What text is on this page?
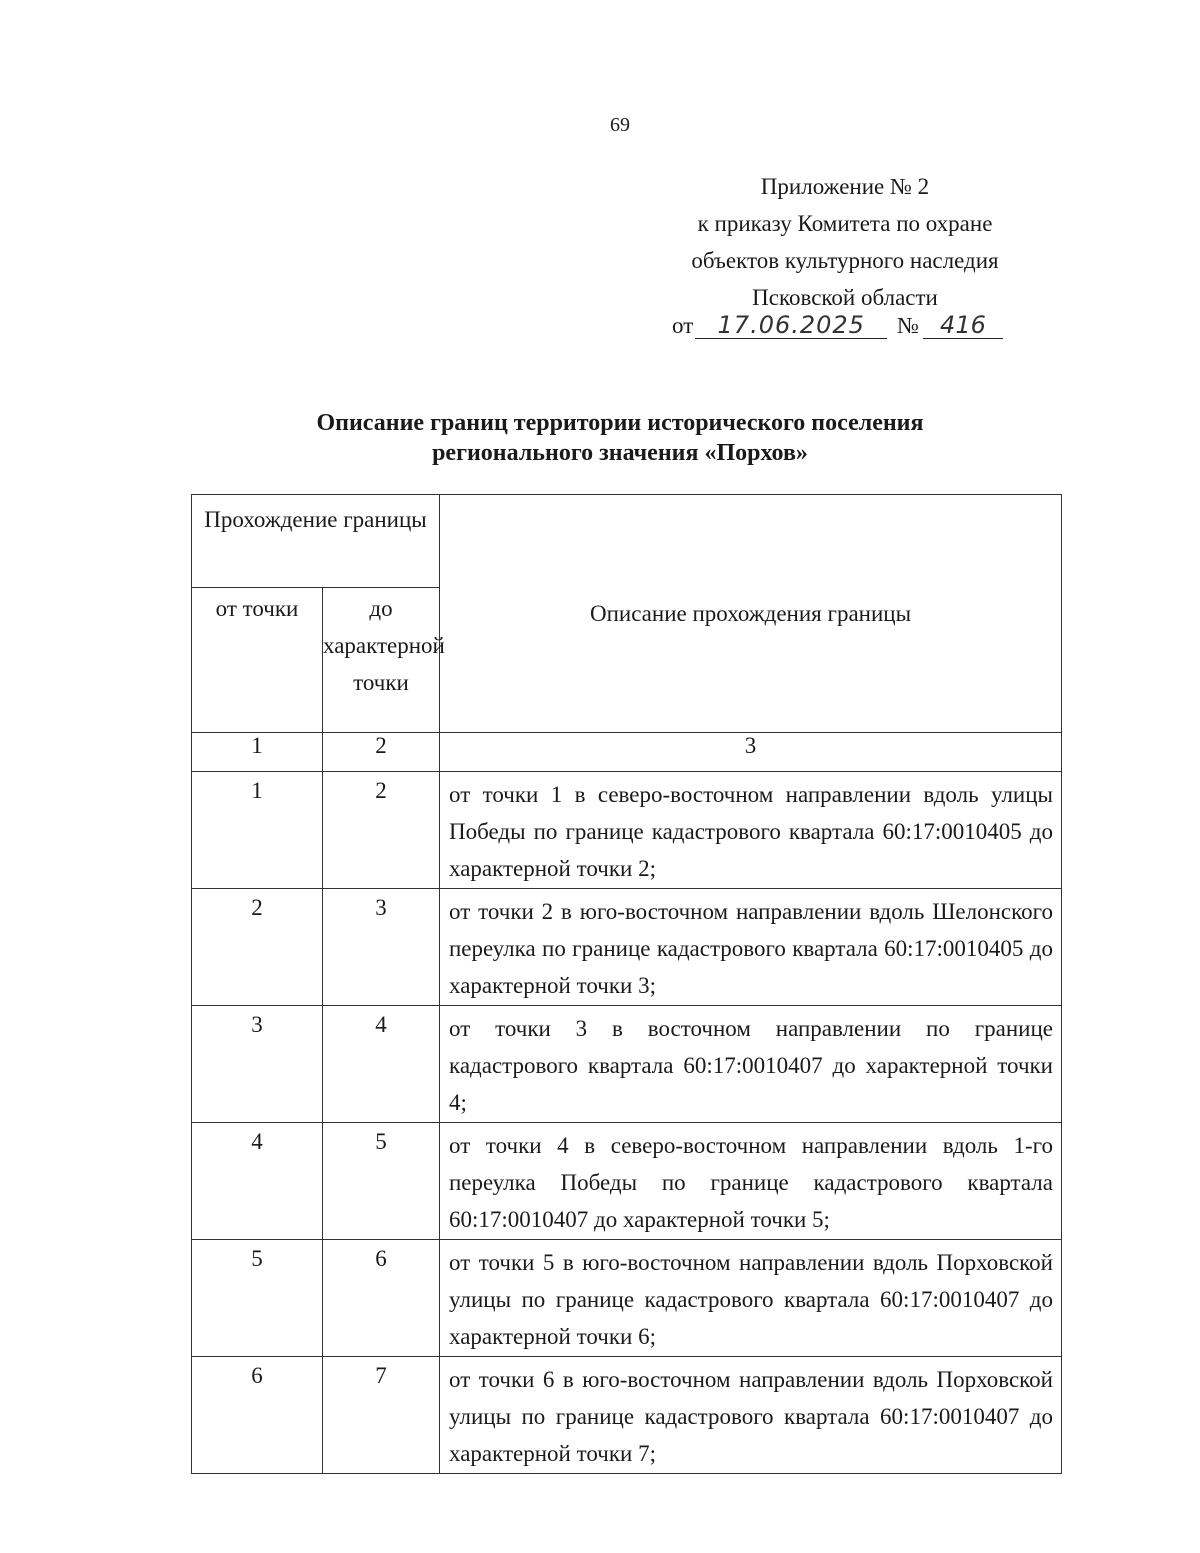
69
Приложение № 2
к приказу Комитета по охране
объектов культурного наследия
Псковской области
от 17.06.2025 № 416
Описание границ территории исторического поселения
регионального значения «Порхов»
Прохождение границы		Описание прохождения границы
от точки	до характерной точки	
1	2	3
1	2	от точки 1 в северо-восточном направлении вдоль улицы Победы по границе кадастрового квартала 60:17:0010405 до характерной точки 2;
2	3	от точки 2 в юго-восточном направлении вдоль Шелонского переулка по границе кадастрового квартала 60:17:0010405 до характерной точки 3;
3	4	от точки 3 в восточном направлении по границе кадастрового квартала 60:17:0010407 до характерной точки 4;
4	5	от точки 4 в северо-восточном направлении вдоль 1-го переулка Победы по границе кадастрового квартала 60:17:0010407 до характерной точки 5;
5	6	от точки 5 в юго-восточном направлении вдоль Порховской улицы по границе кадастрового квартала 60:17:0010407 до характерной точки 6;
6	7	от точки 6 в юго-восточном направлении вдоль Порховской улицы по границе кадастрового квартала 60:17:0010407 до характерной точки 7;
